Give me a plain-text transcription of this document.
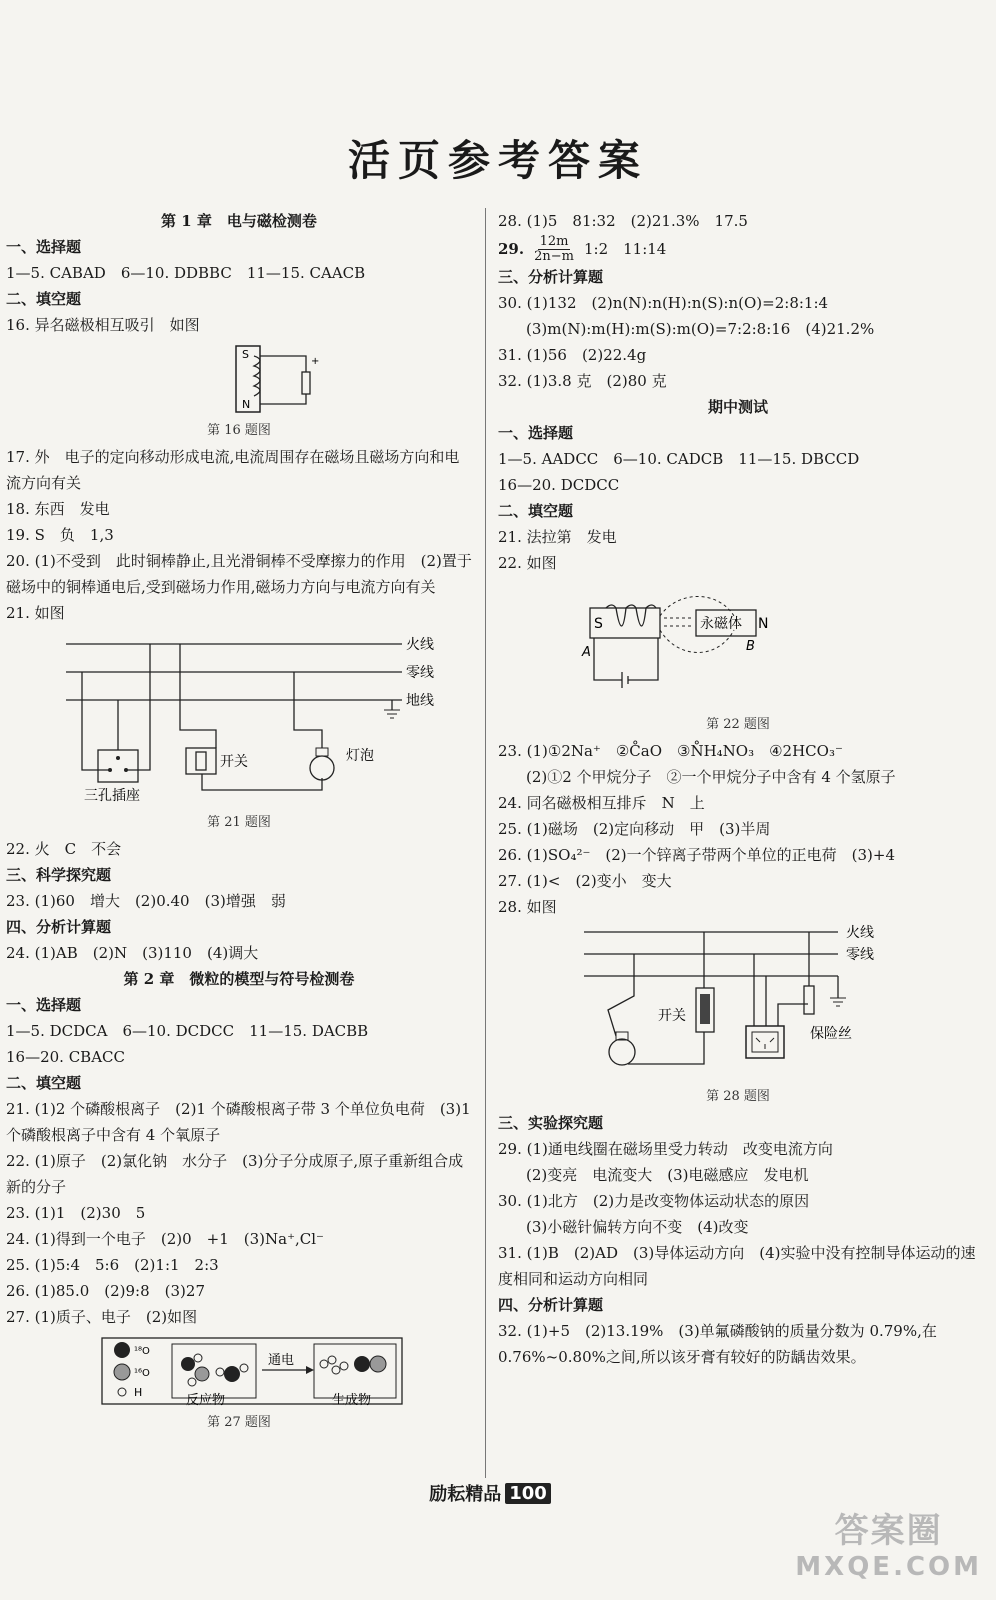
活页参考答案
第 1 章　电与磁检测卷
一、选择题
1—5. CABAD　6—10. DDBBC　11—15. CAACB
二、填空题
16. 异名磁极相互吸引　如图
S
N
+
第 16 题图
17. 外　电子的定向移动形成电流,电流周围存在磁场且磁场方向和电流方向有关
18. 东西　发电
19. S　负　1,3
20. (1)不受到　此时铜棒静止,且光滑铜棒不受摩擦力的作用　(2)置于磁场中的铜棒通电后,受到磁场力作用,磁场力方向与电流方向有关
21. 如图
火线
零线
地线
三孔插座
开关	灯泡
第 21 题图
22. 火　C　不会
三、科学探究题
23. (1)60　增大　(2)0.40　(3)增强　弱
四、分析计算题
24. (1)AB　(2)N　(3)110　(4)调大
第 2 章　微粒的模型与符号检测卷
一、选择题
1—5. DCDCA　6—10. DCDCC　11—15. DACBB
16—20. CBACC
二、填空题
21. (1)2 个磷酸根离子　(2)1 个磷酸根离子带 3 个单位负电荷　(3)1 个磷酸根离子中含有 4 个氧原子
22. (1)原子　(2)氯化钠　水分子　(3)分子分成原子,原子重新组合成新的分子
23. (1)1　(2)30　5
24. (1)得到一个电子　(2)0　+1　(3)Na⁺,Cl⁻
25. (1)5:4　5:6　(2)1:1　2:3
26. (1)85.0　(2)9:8　(3)27
27. (1)质子、电子　(2)如图
¹⁸O
¹⁶O
H
反应物
通电
生成物
第 27 题图
28. (1)5　81:32　(2)21.3%　17.5
29. $\frac{12m}{2n-m}$ 1:2　11:14
三、分析计算题
30. (1)132　(2)n(N):n(H):n(S):n(O)=2:8:1:4
(3)m(N):m(H):m(S):m(O)=7:2:8:16　(4)21.2%
31. (1)56　(2)22.4g
32. (1)3.8 克　(2)80 克
期中测试
一、选择题
1—5. AADCC　6—10. CADCB　11—15. DBCCD
16—20. DCDCC
二、填空题
21. 法拉第　发电
22. 如图
S	永磁体 N
A	B
第 22 题图
23. (1)①2Na⁺　②C̊aO　③N̊H₄NO₃　④2HCO₃⁻
(2)①2 个甲烷分子　②一个甲烷分子中含有 4 个氢原子
24. 同名磁极相互排斥　N　上
25. (1)磁场　(2)定向移动　甲　(3)半周
26. (1)SO₄²⁻　(2)一个锌离子带两个单位的正电荷　(3)+4
27. (1)<　(2)变小　变大
28. 如图
火线
零线
开关
保险丝
第 28 题图
三、实验探究题
29. (1)通电线圈在磁场里受力转动　改变电流方向
(2)变亮　电流变大　(3)电磁感应　发电机
30. (1)北方　(2)力是改变物体运动状态的原因
(3)小磁针偏转方向不变　(4)改变
31. (1)B　(2)AD　(3)导体运动方向　(4)实验中没有控制导体运动的速度相同和运动方向相同
四、分析计算题
32. (1)+5　(2)13.19%　(3)单氟磷酸钠的质量分数为 0.79%,在 0.76%~0.80%之间,所以该牙膏有较好的防龋齿效果。
励耘精品 100
答案圈
MXQE.COM
